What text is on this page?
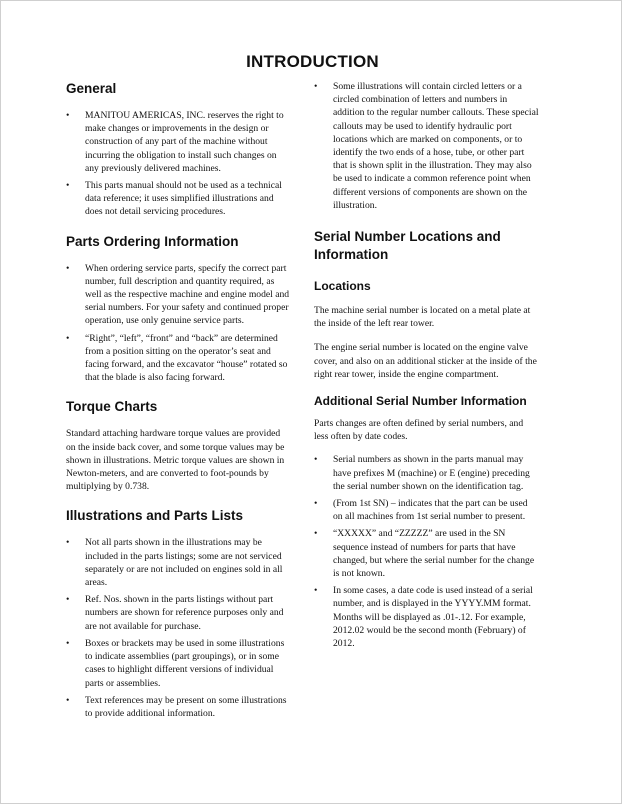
INTRODUCTION
General
• MANITOU AMERICAS, INC. reserves the right to make changes or improvements in the design or construction of any part of the machine without incurring the obligation to install such changes on any previously delivered machines.
• This parts manual should not be used as a technical data reference; it uses simplified illustrations and does not detail servicing procedures.
Parts Ordering Information
• When ordering service parts, specify the correct part number, full description and quantity required, as well as the respective machine and engine model and serial numbers. For your safety and continued proper operation, use only genuine service parts.
• “Right”, “left”, “front” and “back” are determined from a position sitting on the operator’s seat and facing forward, and the excavator “house” rotated so that the blade is also facing forward.
Torque Charts

Standard attaching hardware torque values are provided on the inside back cover, and some torque values may be shown in illustrations. Metric torque values are shown in Newton-meters, and are converted to foot-pounds by multiplying by 0.738.

Illustrations and Parts Lists
• Not all parts shown in the illustrations may be included in the parts listings; some are not serviced separately or are not included on engines sold in all areas.
• Ref. Nos. shown in the parts listings without part numbers are shown for reference purposes only and are not available for purchase.
• Boxes or brackets may be used in some illustrations to indicate assemblies (part groupings), or in some cases to highlight different versions of individual parts or assemblies.
• Text references may be present on some illustrations to provide additional information.
• Some illustrations will contain circled letters or a circled combination of letters and numbers in addition to the regular number callouts. These special callouts may be used to identify hydraulic port locations which are marked on components, or to identify the two ends of a hose, tube, or other part that is shown split in the illustration. They may also be used to indicate a common reference point when different versions of components are shown on the illustration.
Serial Number Locations and Information
Locations

The machine serial number is located on a metal plate at the inside of the left rear tower.

The engine serial number is located on the engine valve cover, and also on an additional sticker at the inside of the right rear tower, inside the engine compartment.

Additional Serial Number Information

Parts changes are often defined by serial numbers, and less often by date codes.

• Serial numbers as shown in the parts manual may have prefixes M (machine) or E (engine) preceding the serial number shown on the identification tag.
• (From 1st SN) – indicates that the part can be used on all machines from 1st serial number to present.
• “XXXXX” and “ZZZZZ” are used in the SN sequence instead of numbers for parts that have changed, but where the serial number for the change is not known.
• In some cases, a date code is used instead of a serial number, and is displayed in the YYYY.MM format. Months will be displayed as .01-.12. For example, 2012.02 would be the second month (February) of 2012.
